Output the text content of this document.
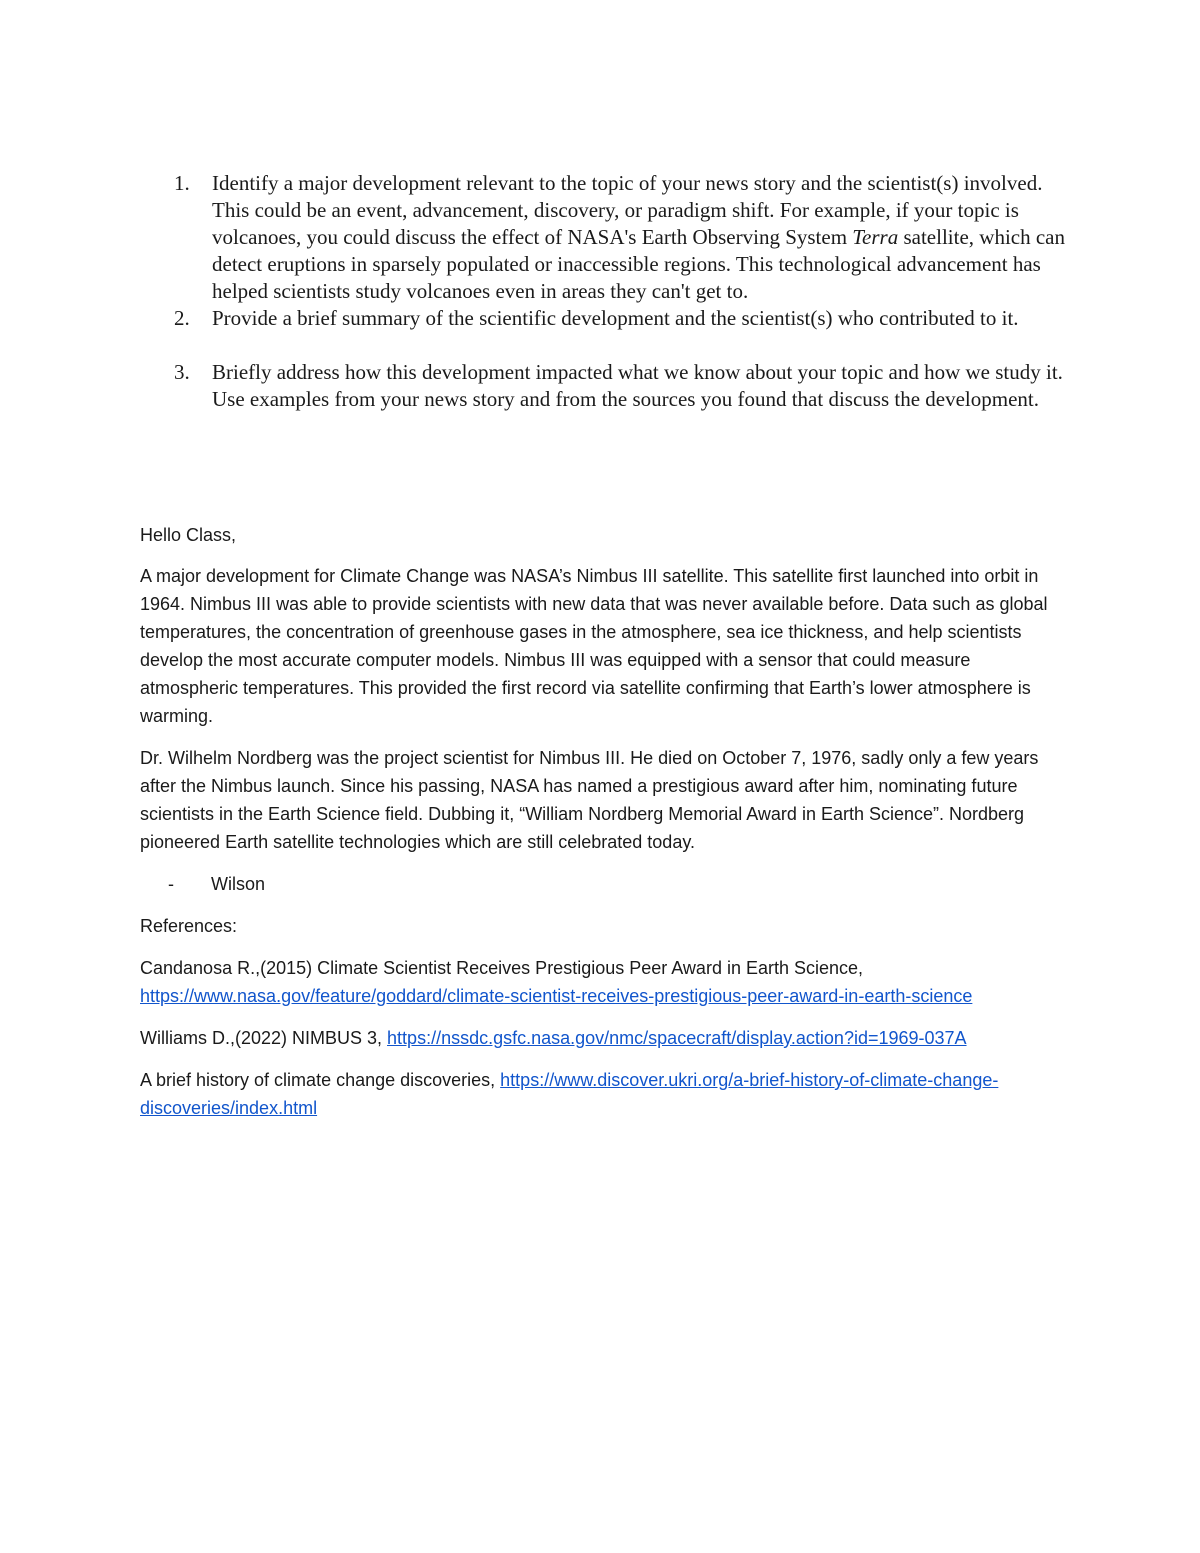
1. Identify a major development relevant to the topic of your news story and the scientist(s) involved. This could be an event, advancement, discovery, or paradigm shift. For example, if your topic is volcanoes, you could discuss the effect of NASA's Earth Observing System Terra satellite, which can detect eruptions in sparsely populated or inaccessible regions. This technological advancement has helped scientists study volcanoes even in areas they can't get to.
2. Provide a brief summary of the scientific development and the scientist(s) who contributed to it.
3. Briefly address how this development impacted what we know about your topic and how we study it. Use examples from your news story and from the sources you found that discuss the development.

Hello Class,

A major development for Climate Change was NASA’s Nimbus III satellite. This satellite first launched into orbit in 1964. Nimbus III was able to provide scientists with new data that was never available before. Data such as global temperatures, the concentration of greenhouse gases in the atmosphere, sea ice thickness, and help scientists develop the most accurate computer models. Nimbus III was equipped with a sensor that could measure atmospheric temperatures. This provided the first record via satellite confirming that Earth’s lower atmosphere is warming.

Dr. Wilhelm Nordberg was the project scientist for Nimbus III. He died on October 7, 1976, sadly only a few years after the Nimbus launch. Since his passing, NASA has named a prestigious award after him, nominating future scientists in the Earth Science field. Dubbing it, “William Nordberg Memorial Award in Earth Science”. Nordberg pioneered Earth satellite technologies which are still celebrated today.

- Wilson

References:

Candanosa R.,(2015) Climate Scientist Receives Prestigious Peer Award in Earth Science, https://www.nasa.gov/feature/goddard/climate-scientist-receives-prestigious-peer-award-in-earth-science

Williams D.,(2022) NIMBUS 3, https://nssdc.gsfc.nasa.gov/nmc/spacecraft/display.action?id=1969-037A

A brief history of climate change discoveries, https://www.discover.ukri.org/a-brief-history-of-climate-change-discoveries/index.html
